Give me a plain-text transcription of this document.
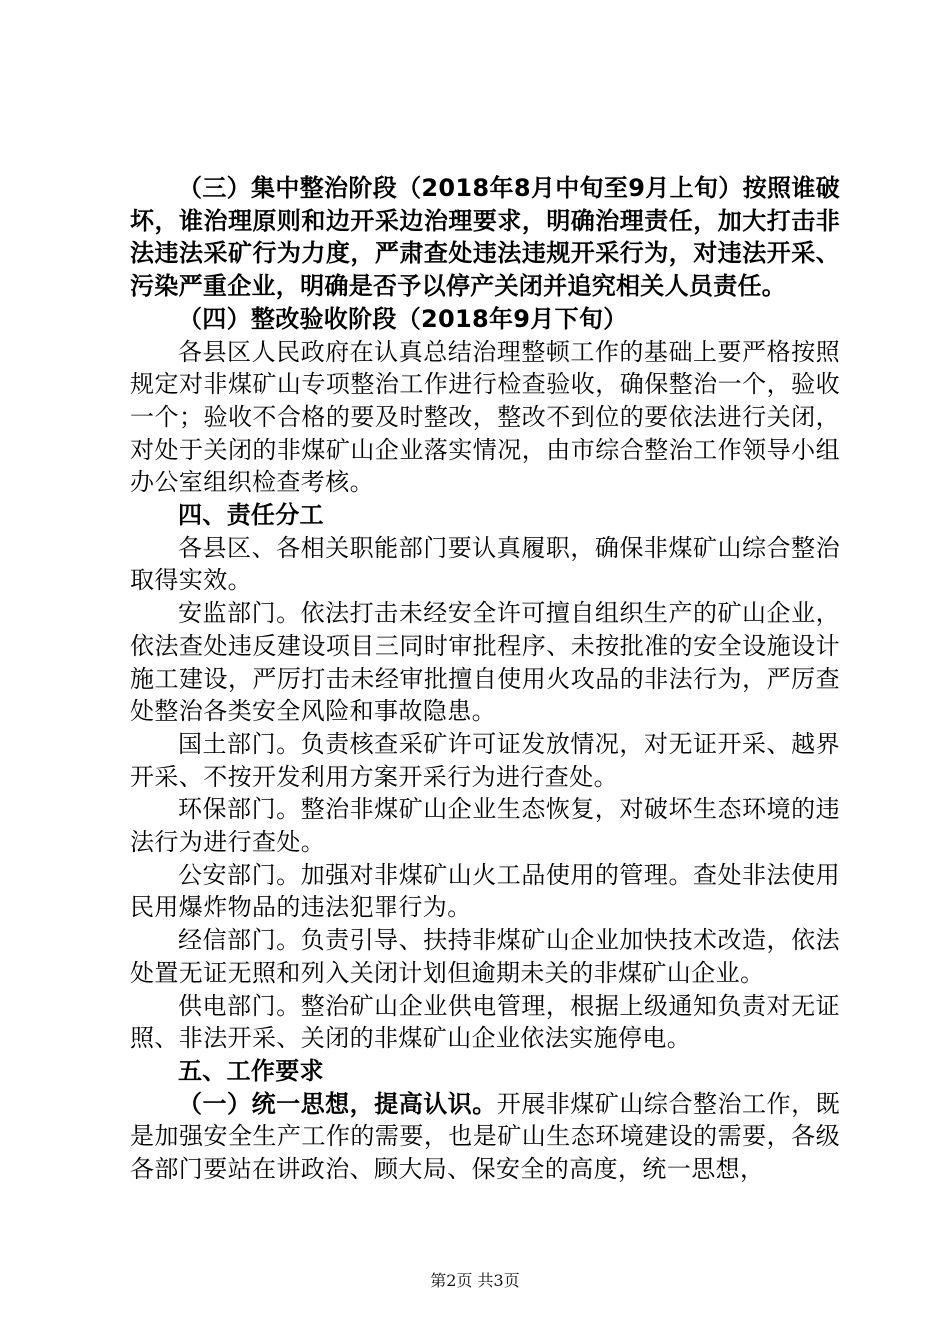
（三）集中整治阶段（2018年8月中旬至9月上旬）按照谁破坏，谁治理原则和边开采边治理要求，明确治理责任，加大打击非法违法采矿行为力度，严肃查处违法违规开采行为，对违法开采、污染严重企业，明确是否予以停产关闭并追究相关人员责任。

（四）整改验收阶段（2018年9月下旬）

各县区人民政府在认真总结治理整顿工作的基础上要严格按照规定对非煤矿山专项整治工作进行检查验收，确保整治一个，验收一个；验收不合格的要及时整改，整改不到位的要依法进行关闭，对处于关闭的非煤矿山企业落实情况，由市综合整治工作领导小组办公室组织检查考核。

四、责任分工

各县区、各相关职能部门要认真履职，确保非煤矿山综合整治取得实效。

安监部门。依法打击未经安全许可擅自组织生产的矿山企业，依法查处违反建设项目三同时审批程序、未按批准的安全设施设计施工建设，严厉打击未经审批擅自使用火攻品的非法行为，严厉查处整治各类安全风险和事故隐患。

国土部门。负责核查采矿许可证发放情况，对无证开采、越界开采、不按开发利用方案开采行为进行查处。

环保部门。整治非煤矿山企业生态恢复，对破坏生态环境的违法行为进行查处。

公安部门。加强对非煤矿山火工品使用的管理。查处非法使用民用爆炸物品的违法犯罪行为。

经信部门。负责引导、扶持非煤矿山企业加快技术改造，依法处置无证无照和列入关闭计划但逾期未关的非煤矿山企业。

供电部门。整治矿山企业供电管理，根据上级通知负责对无证照、非法开采、关闭的非煤矿山企业依法实施停电。

五、工作要求

（一）统一思想，提高认识。开展非煤矿山综合整治工作，既是加强安全生产工作的需要，也是矿山生态环境建设的需要，各级各部门要站在讲政治、顾大局、保安全的高度，统一思想，

第2页 共3页
